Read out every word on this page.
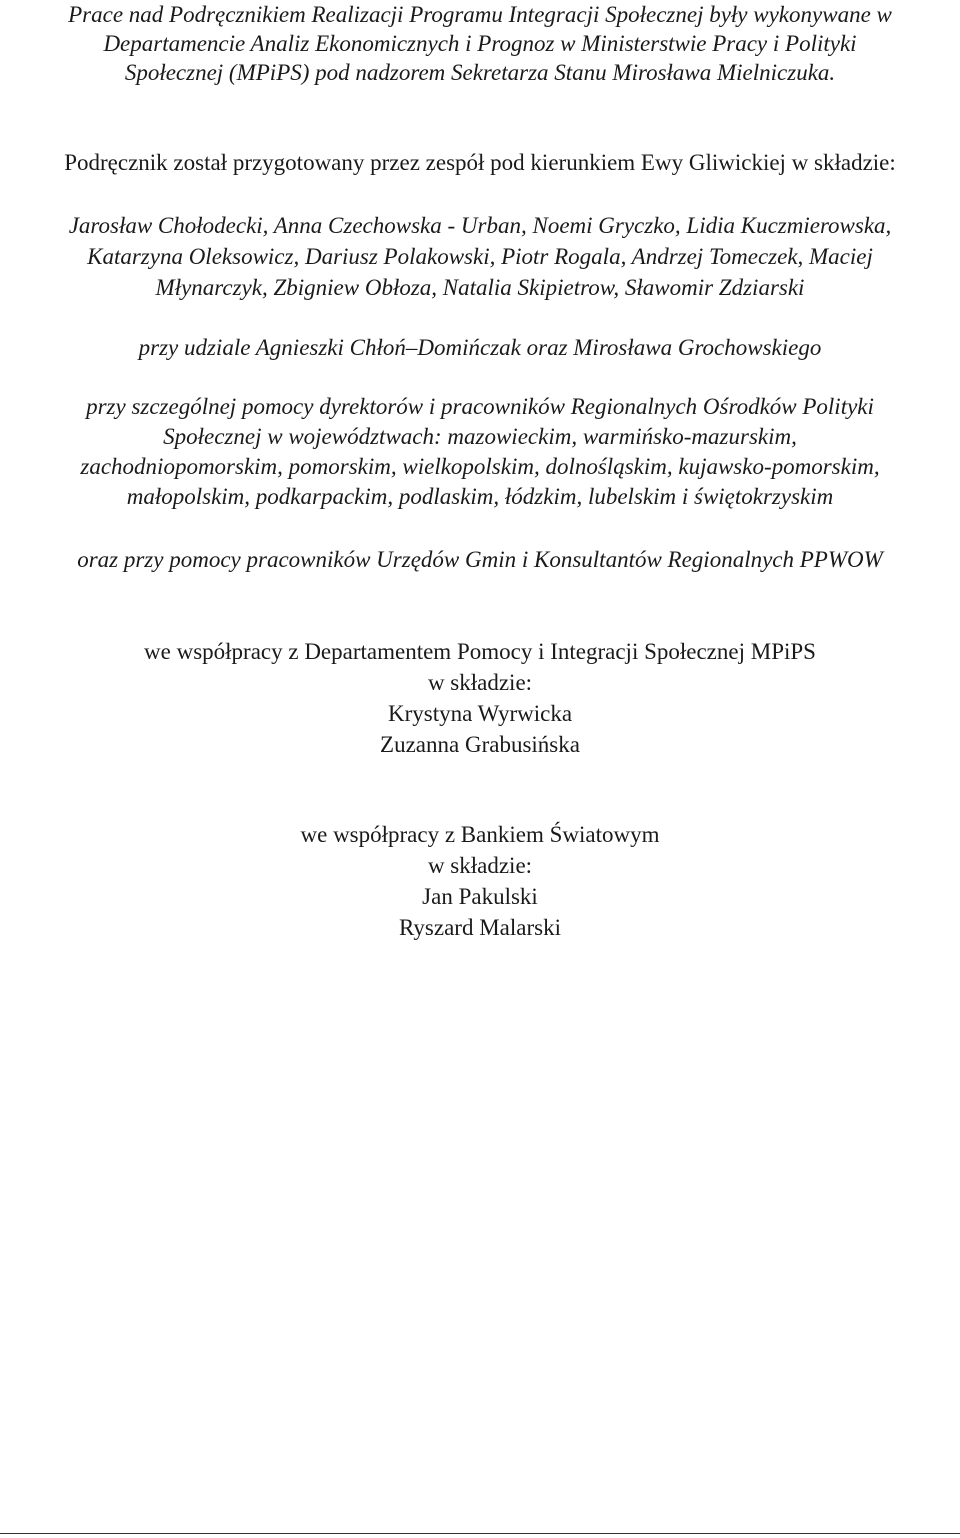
Prace nad Podręcznikiem Realizacji Programu Integracji Społecznej były wykonywane w
Departamencie Analiz Ekonomicznych i Prognoz w Ministerstwie Pracy i Polityki
Społecznej (MPiPS) pod nadzorem Sekretarza Stanu Mirosława Mielniczuka.
Podręcznik został przygotowany przez zespół pod kierunkiem Ewy Gliwickiej w składzie:
Jarosław Chołodecki, Anna Czechowska - Urban, Noemi Gryczko, Lidia Kuczmierowska,
Katarzyna Oleksowicz, Dariusz Polakowski, Piotr Rogala, Andrzej Tomeczek, Maciej
Młynarczyk, Zbigniew Obłoza, Natalia Skipietrow, Sławomir Zdziarski
przy udziale Agnieszki Chłoń–Domińczak oraz Mirosława Grochowskiego
przy szczególnej pomocy dyrektorów i pracowników Regionalnych Ośrodków Polityki
Społecznej w województwach: mazowieckim, warmińsko-mazurskim,
zachodniopomorskim, pomorskim, wielkopolskim, dolnośląskim, kujawsko-pomorskim,
małopolskim, podkarpackim, podlaskim, łódzkim, lubelskim i świętokrzyskim
oraz przy pomocy pracowników Urzędów Gmin i Konsultantów Regionalnych PPWOW
we współpracy z Departamentem Pomocy i Integracji Społecznej MPiPS
w składzie:
Krystyna Wyrwicka
Zuzanna Grabusińska
we współpracy z Bankiem Światowym
w składzie:
Jan Pakulski
Ryszard Malarski
